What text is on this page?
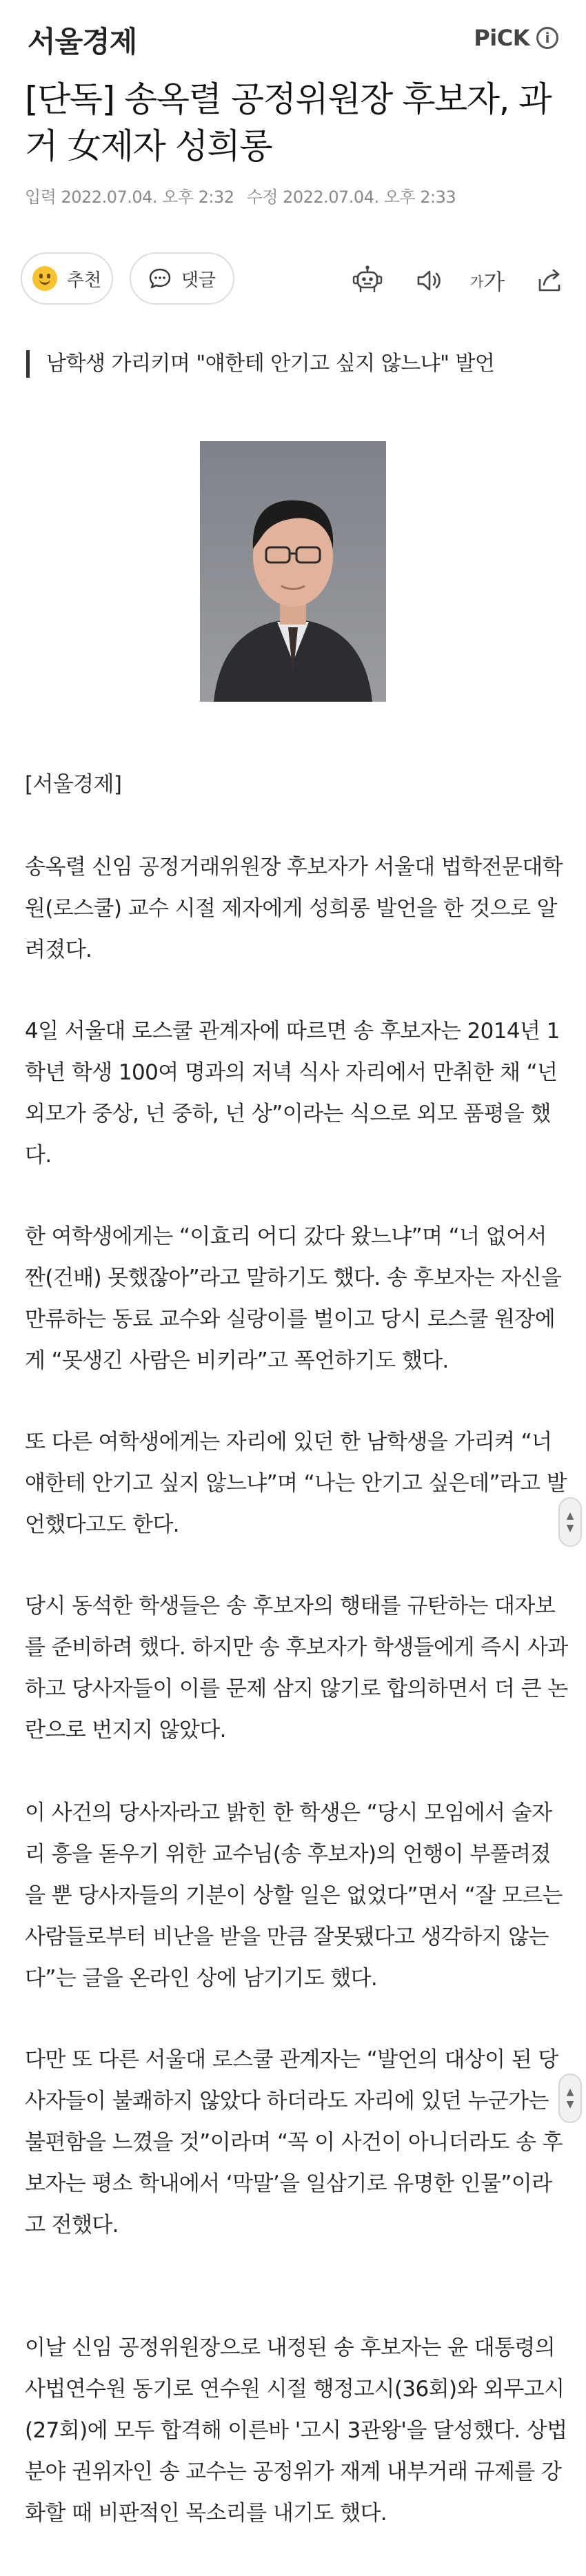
서울경제	PiCK i
[단독] 송옥렬 공정위원장 후보자, 과거 女제자 성희롱
입력 2022.07.04. 오후 2:32 수정 2022.07.04. 오후 2:33
추천	댓글	가 가
남학생 가리키며 "얘한테 안기고 싶지 않느냐" 발언
[서울경제]
송옥렬 신임 공정거래위원장 후보자가 서울대 법학전문대학원(로스쿨) 교수 시절 제자에게 성희롱 발언을 한 것으로 알려졌다.
4일 서울대 로스쿨 관계자에 따르면 송 후보자는 2014년 1학년 학생 100여 명과의 저녁 식사 자리에서 만취한 채 “넌 외모가 중상, 넌 중하, 넌 상”이라는 식으로 외모 품평을 했다.
한 여학생에게는 “이효리 어디 갔다 왔느냐”며 “너 없어서 짠(건배) 못했잖아”라고 말하기도 했다. 송 후보자는 자신을 만류하는 동료 교수와 실랑이를 벌이고 당시 로스쿨 원장에게 “못생긴 사람은 비키라”고 폭언하기도 했다.
또 다른 여학생에게는 자리에 있던 한 남학생을 가리켜 “너 얘한테 안기고 싶지 않느냐”며 “나는 안기고 싶은데”라고 발언했다고도 한다.
당시 동석한 학생들은 송 후보자의 행태를 규탄하는 대자보를 준비하려 했다. 하지만 송 후보자가 학생들에게 즉시 사과하고 당사자들이 이를 문제 삼지 않기로 합의하면서 더 큰 논란으로 번지지 않았다.
이 사건의 당사자라고 밝힌 한 학생은 “당시 모임에서 술자리 흥을 돋우기 위한 교수님(송 후보자)의 언행이 부풀려졌을 뿐 당사자들의 기분이 상할 일은 없었다”면서 “잘 모르는 사람들로부터 비난을 받을 만큼 잘못됐다고 생각하지 않는다”는 글을 온라인 상에 남기기도 했다.
다만 또 다른 서울대 로스쿨 관계자는 “발언의 대상이 된 당사자들이 불쾌하지 않았다 하더라도 자리에 있던 누군가는 불편함을 느꼈을 것”이라며 “꼭 이 사건이 아니더라도 송 후보자는 평소 학내에서 ‘막말’을 일삼기로 유명한 인물”이라고 전했다.
이날 신임 공정위원장으로 내정된 송 후보자는 윤 대통령의 사법연수원 동기로 연수원 시절 행정고시(36회)와 외무고시(27회)에 모두 합격해 이른바 '고시 3관왕'을 달성했다. 상법 분야 권위자인 송 교수는 공정위가 재계 내부거래 규제를 강화할 때 비판적인 목소리를 내기도 했다.
▲
▼
▲
▼
